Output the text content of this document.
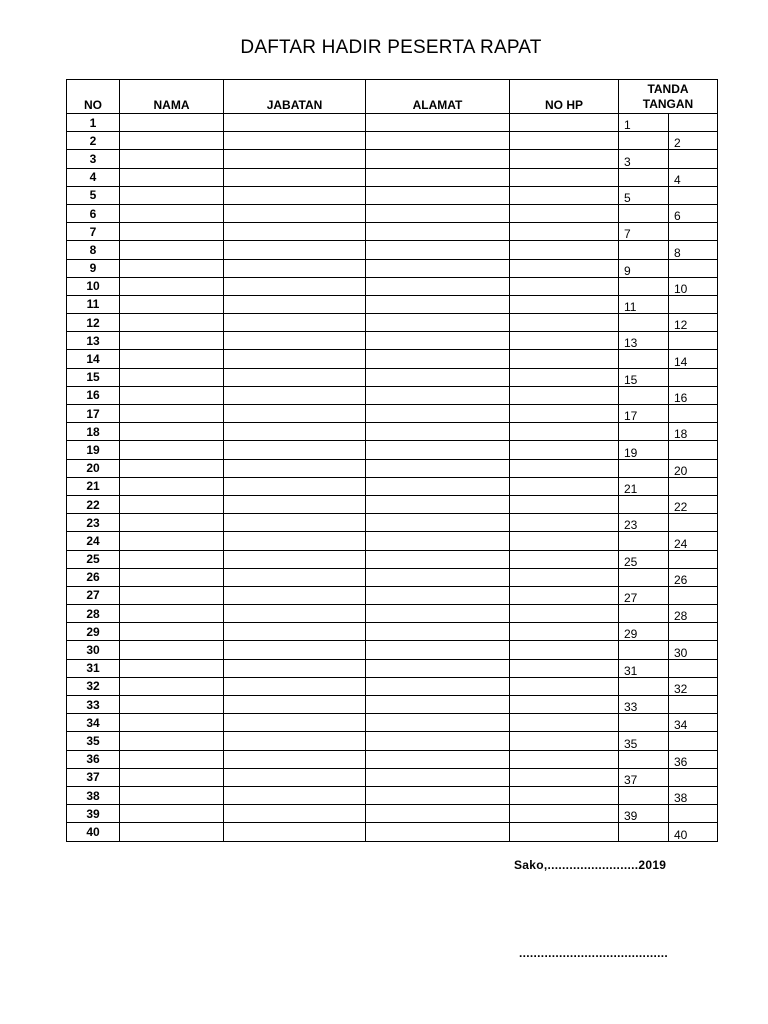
DAFTAR HADIR PESERTA RAPAT
NO	NAMA	JABATAN	ALAMAT	NO HP	TANDA
TANGAN	

1					1	
2						2
3					3	
4						4
5					5	
6						6
7					7	
8						8
9					9	
10						10
11					11	
12						12
13					13	
14						14
15					15	
16						16
17					17	
18						18
19					19	
20						20
21					21	
22						22
23					23	
24						24
25					25	
26						26
27					27	
28						28
29					29	
30						30
31					31	
32						32
33					33	
34						34
35					35	
36						36
37					37	
38						38
39					39	
40						40
Sako,.........................2019
.........................................
